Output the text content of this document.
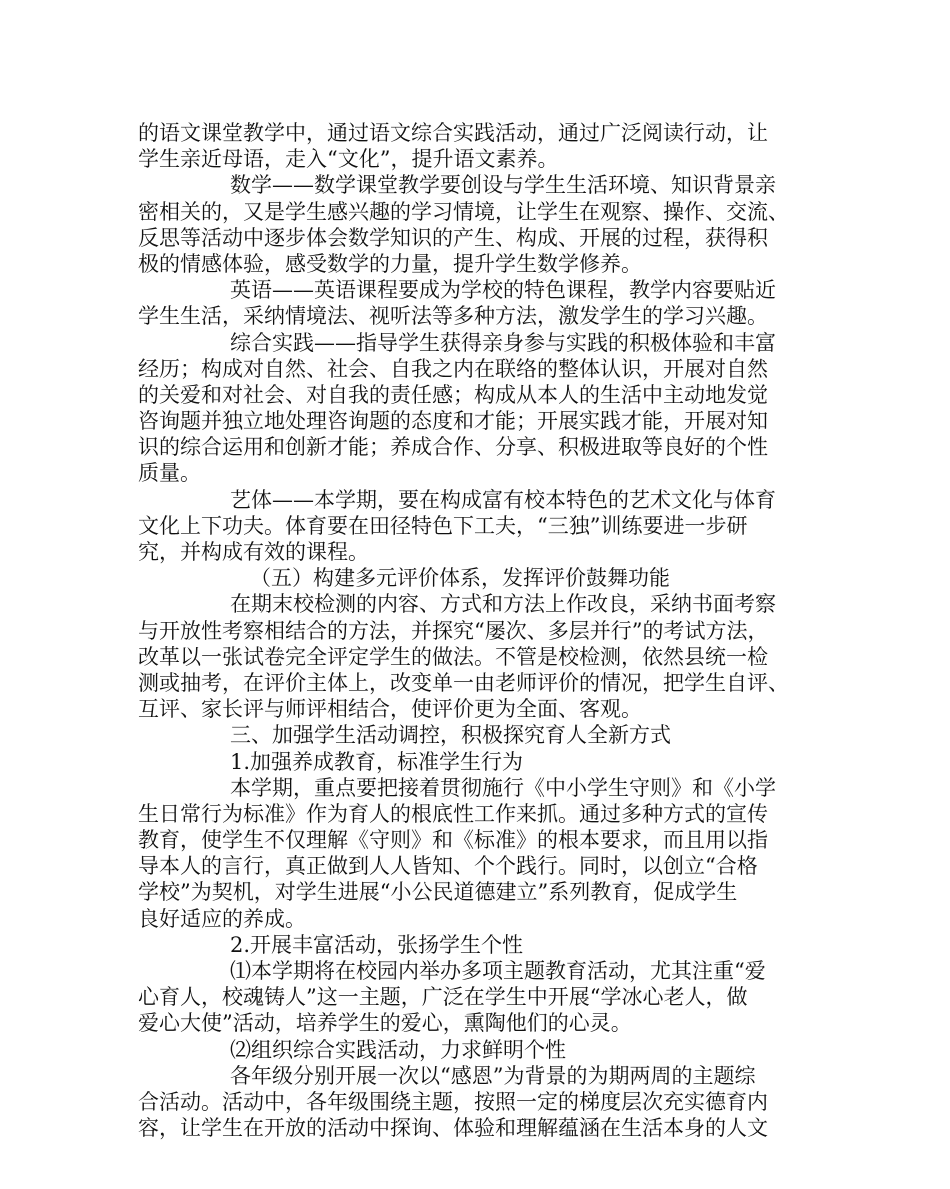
的语文课堂教学中，通过语文综合实践活动，通过广泛阅读行动，让
学生亲近母语，走入“文化”，提升语文素养。
数学——数学课堂教学要创设与学生生活环境、知识背景亲
密相关的，又是学生感兴趣的学习情境，让学生在观察、操作、交流、
反思等活动中逐步体会数学知识的产生、构成、开展的过程，获得积
极的情感体验，感受数学的力量，提升学生数学修养。
英语——英语课程要成为学校的特色课程，教学内容要贴近
学生生活，采纳情境法、视听法等多种方法，激发学生的学习兴趣。
综合实践——指导学生获得亲身参与实践的积极体验和丰富
经历；构成对自然、社会、自我之内在联络的整体认识，开展对自然
的关爱和对社会、对自我的责任感；构成从本人的生活中主动地发觉
咨询题并独立地处理咨询题的态度和才能；开展实践才能，开展对知
识的综合运用和创新才能；养成合作、分享、积极进取等良好的个性
质量。
艺体——本学期，要在构成富有校本特色的艺术文化与体育
文化上下功夫。体育要在田径特色下工夫，“三独”训练要进一步研
究，并构成有效的课程。
（五）构建多元评价体系，发挥评价鼓舞功能
在期末校检测的内容、方式和方法上作改良，采纳书面考察
与开放性考察相结合的方法，并探究“屡次、多层并行”的考试方法，
改革以一张试卷完全评定学生的做法。不管是校检测，依然县统一检
测或抽考，在评价主体上，改变单一由老师评价的情况，把学生自评、
互评、家长评与师评相结合，使评价更为全面、客观。
三、加强学生活动调控，积极探究育人全新方式
1.加强养成教育，标准学生行为
本学期，重点要把接着贯彻施行《中小学生守则》和《小学
生日常行为标准》作为育人的根底性工作来抓。通过多种方式的宣传
教育，使学生不仅理解《守则》和《标准》的根本要求，而且用以指
导本人的言行，真正做到人人皆知、个个践行。同时，以创立“合格
学校”为契机，对学生进展“小公民道德建立”系列教育，促成学生
良好适应的养成。
2.开展丰富活动，张扬学生个性
⑴本学期将在校园内举办多项主题教育活动，尤其注重“爱
心育人，校魂铸人”这一主题，广泛在学生中开展“学冰心老人，做
爱心大使”活动，培养学生的爱心，熏陶他们的心灵。
⑵组织综合实践活动，力求鲜明个性
各年级分别开展一次以“感恩”为背景的为期两周的主题综
合活动。活动中，各年级围绕主题，按照一定的梯度层次充实德育内
容，让学生在开放的活动中探询、体验和理解蕴涵在生活本身的人文
